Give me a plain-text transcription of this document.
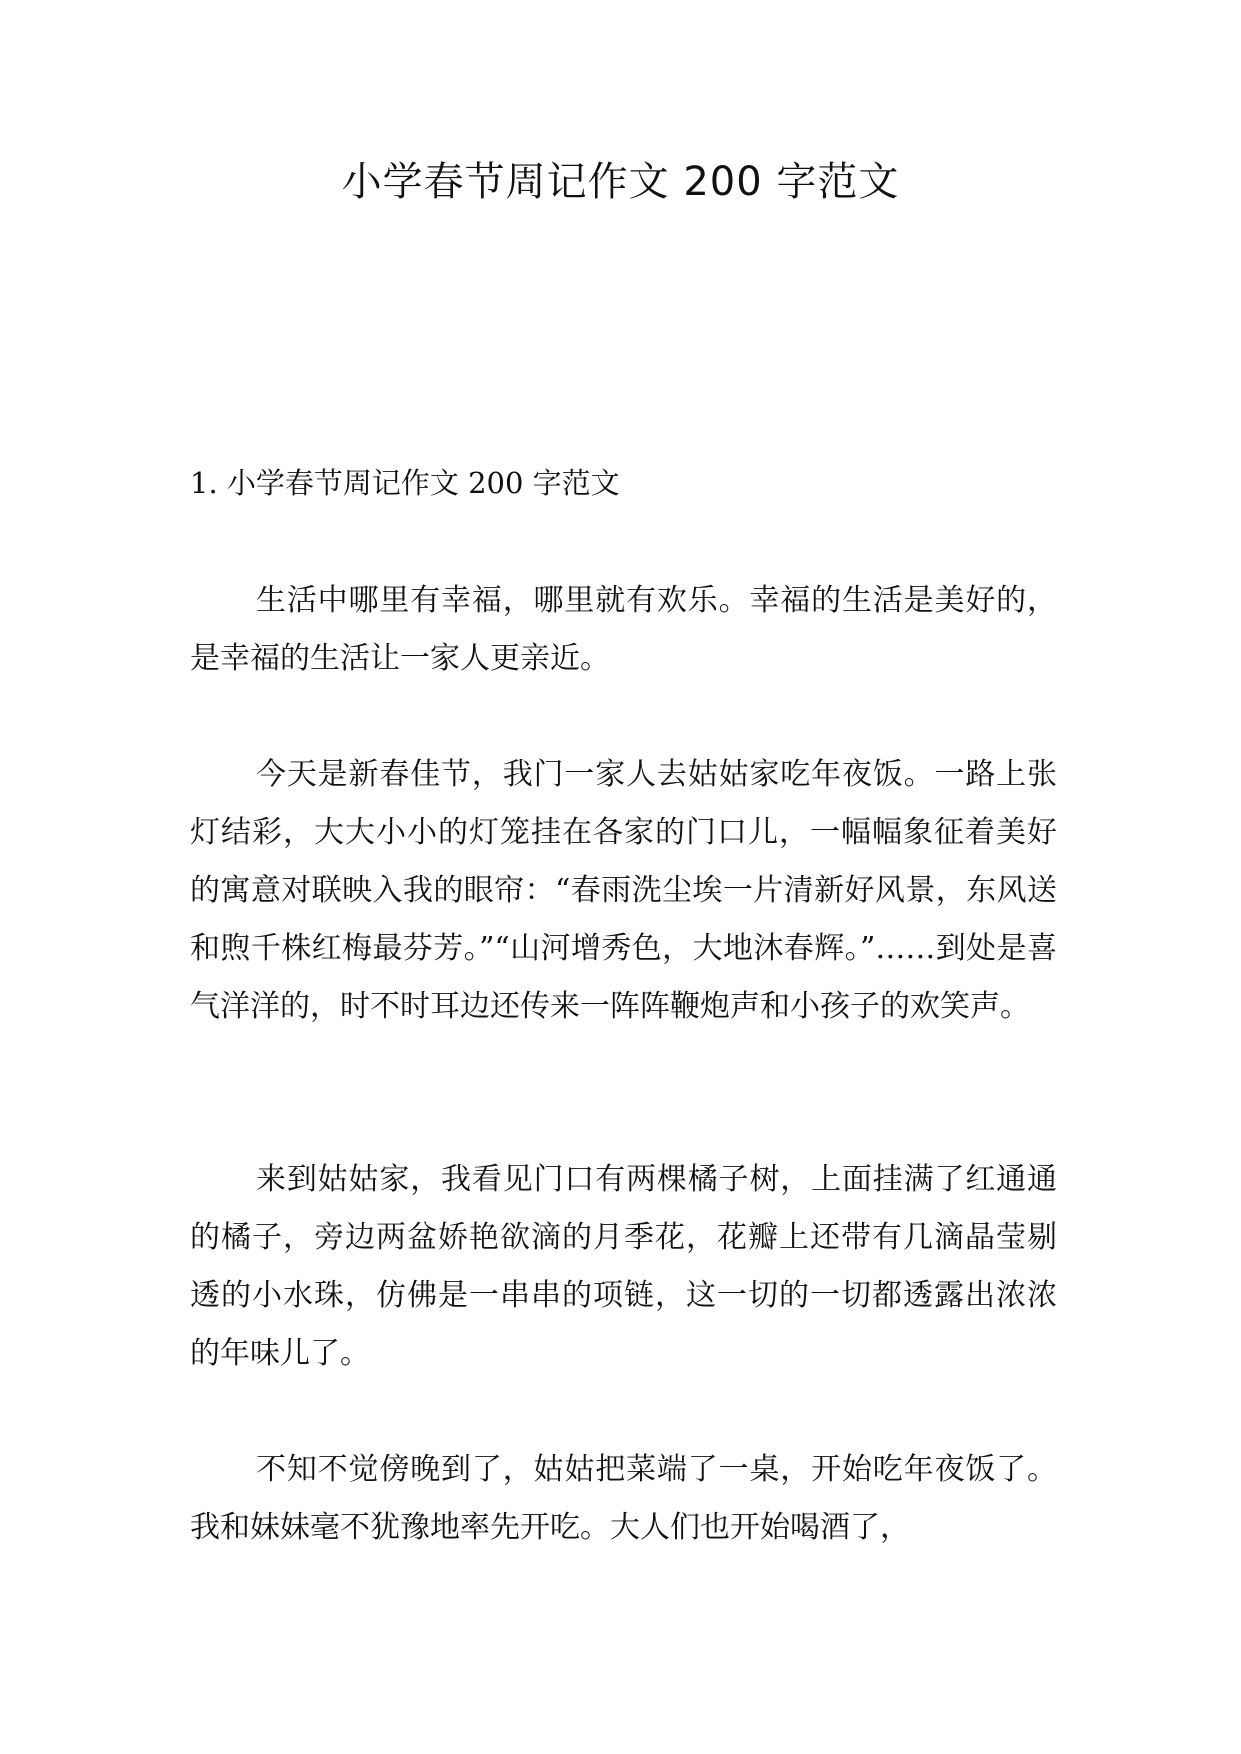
小学春节周记作文 200 字范文
1. 小学春节周记作文 200 字范文

生活中哪里有幸福，哪里就有欢乐。幸福的生活是美好的，是幸福的生活让一家人更亲近。

今天是新春佳节，我门一家人去姑姑家吃年夜饭。一路上张灯结彩，大大小小的灯笼挂在各家的门口儿，一幅幅象征着美好的寓意对联映入我的眼帘：“春雨洗尘埃一片清新好风景，东风送和煦千株红梅最芬芳。”“山河增秀色，大地沐春辉。”……到处是喜气洋洋的，时不时耳边还传来一阵阵鞭炮声和小孩子的欢笑声。

来到姑姑家，我看见门口有两棵橘子树，上面挂满了红通通的橘子，旁边两盆娇艳欲滴的月季花，花瓣上还带有几滴晶莹剔透的小水珠，仿佛是一串串的项链，这一切的一切都透露出浓浓的年味儿了。

不知不觉傍晚到了，姑姑把菜端了一桌，开始吃年夜饭了。我和妹妹毫不犹豫地率先开吃。大人们也开始喝酒了，
